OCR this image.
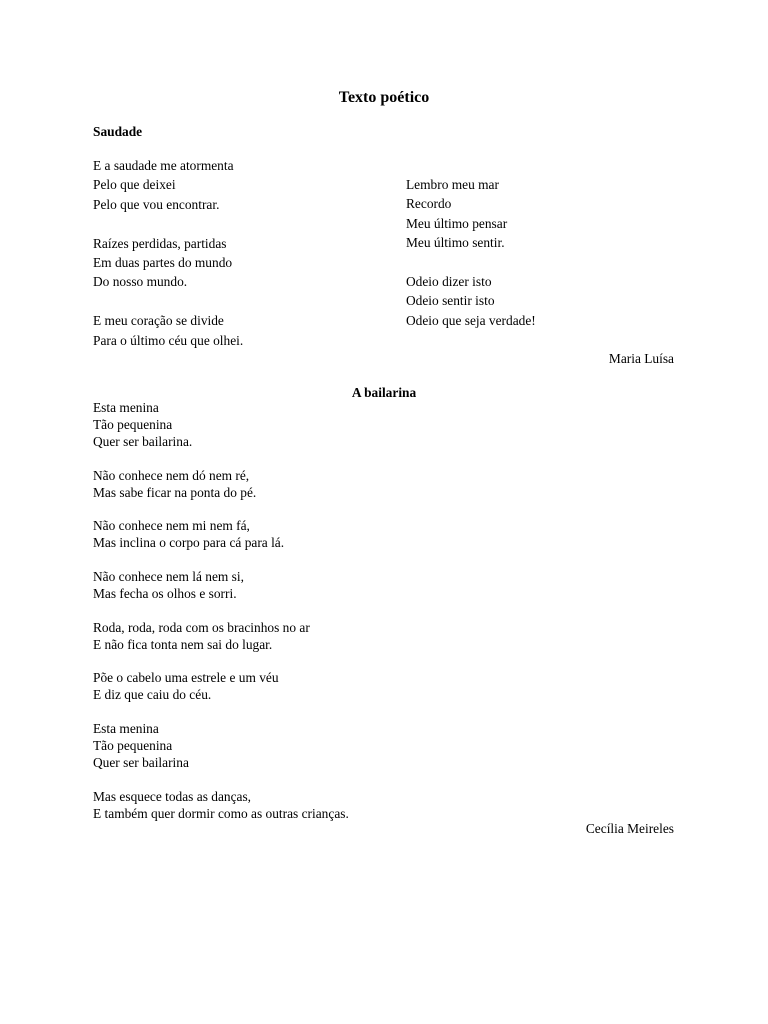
Texto poético
Saudade
E a saudade me atormenta
Pelo que deixei
Pelo que vou encontrar.
Raízes perdidas, partidas
Em duas partes do mundo
Do nosso mundo.
E meu coração se divide
Para o último céu que olhei.
Lembro meu mar
Recordo
Meu último pensar
Meu último sentir.
Odeio dizer isto
Odeio sentir isto
Odeio que seja verdade!
Maria Luísa
A bailarina
Esta menina
Tão pequenina
Quer ser bailarina.
Não conhece nem dó nem ré,
Mas sabe ficar na ponta do pé.
Não conhece nem mi nem fá,
Mas inclina o corpo para cá para lá.
Não conhece nem lá nem si,
Mas fecha os olhos e sorri.
Roda, roda, roda com os bracinhos no ar
E não fica tonta nem sai do lugar.
Põe o cabelo uma estrele e um véu
E diz que caiu do céu.
Esta menina
Tão pequenina
Quer ser bailarina
Mas esquece todas as danças,
E também quer dormir como as outras crianças.
Cecília Meireles
